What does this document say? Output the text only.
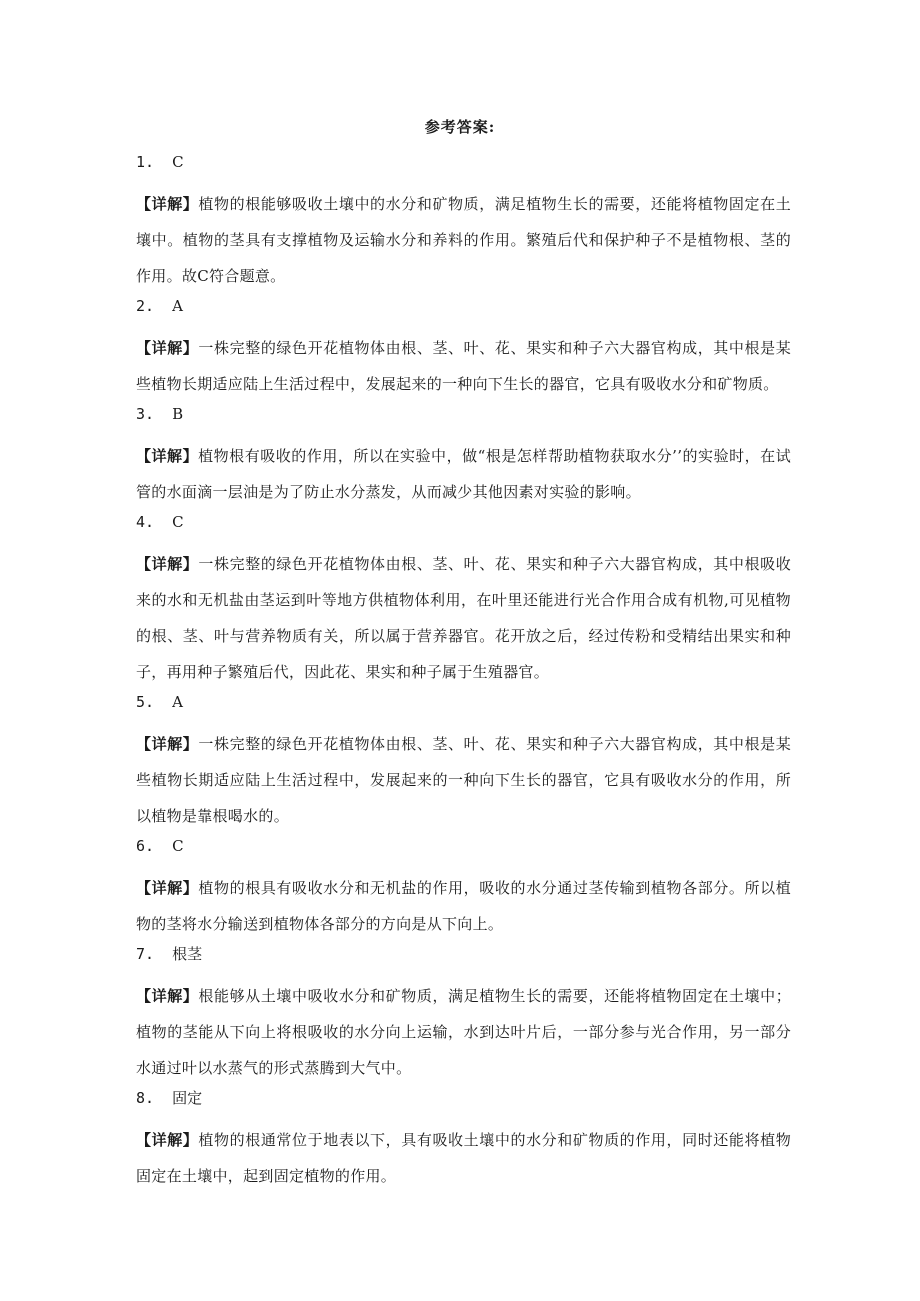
参考答案:
1. C
【详解】植物的根能够吸收土壤中的水分和矿物质，满足植物生长的需要，还能将植物固定在土壤中。植物的茎具有支撑植物及运输水分和养料的作用。繁殖后代和保护种子不是植物根、茎的作用。故C符合题意。
2. A
【详解】一株完整的绿色开花植物体由根、茎、叶、花、果实和种子六大器官构成，其中根是某些植物长期适应陆上生活过程中，发展起来的一种向下生长的器官，它具有吸收水分和矿物质。
3. B
【详解】植物根有吸收的作用，所以在实验中，做“根是怎样帮助植物获取水分’’的实验时，在试管的水面滴一层油是为了防止水分蒸发，从而减少其他因素对实验的影响。
4. C
【详解】一株完整的绿色开花植物体由根、茎、叶、花、果实和种子六大器官构成，其中根吸收来的水和无机盐由茎运到叶等地方供植物体利用，在叶里还能进行光合作用合成有机物,可见植物的根、茎、叶与营养物质有关，所以属于营养器官。花开放之后，经过传粉和受精结出果实和种子，再用种子繁殖后代，因此花、果实和种子属于生殖器官。
5. A
【详解】一株完整的绿色开花植物体由根、茎、叶、花、果实和种子六大器官构成，其中根是某些植物长期适应陆上生活过程中，发展起来的一种向下生长的器官，它具有吸收水分的作用，所以植物是靠根喝水的。
6. C
【详解】植物的根具有吸收水分和无机盐的作用，吸收的水分通过茎传输到植物各部分。所以植物的茎将水分输送到植物体各部分的方向是从下向上。
7. 根茎
【详解】根能够从土壤中吸收水分和矿物质，满足植物生长的需要，还能将植物固定在土壤中；植物的茎能从下向上将根吸收的水分向上运输，水到达叶片后，一部分参与光合作用，另一部分水通过叶以水蒸气的形式蒸腾到大气中。
8. 固定
【详解】植物的根通常位于地表以下，具有吸收土壤中的水分和矿物质的作用，同时还能将植物固定在土壤中，起到固定植物的作用。
